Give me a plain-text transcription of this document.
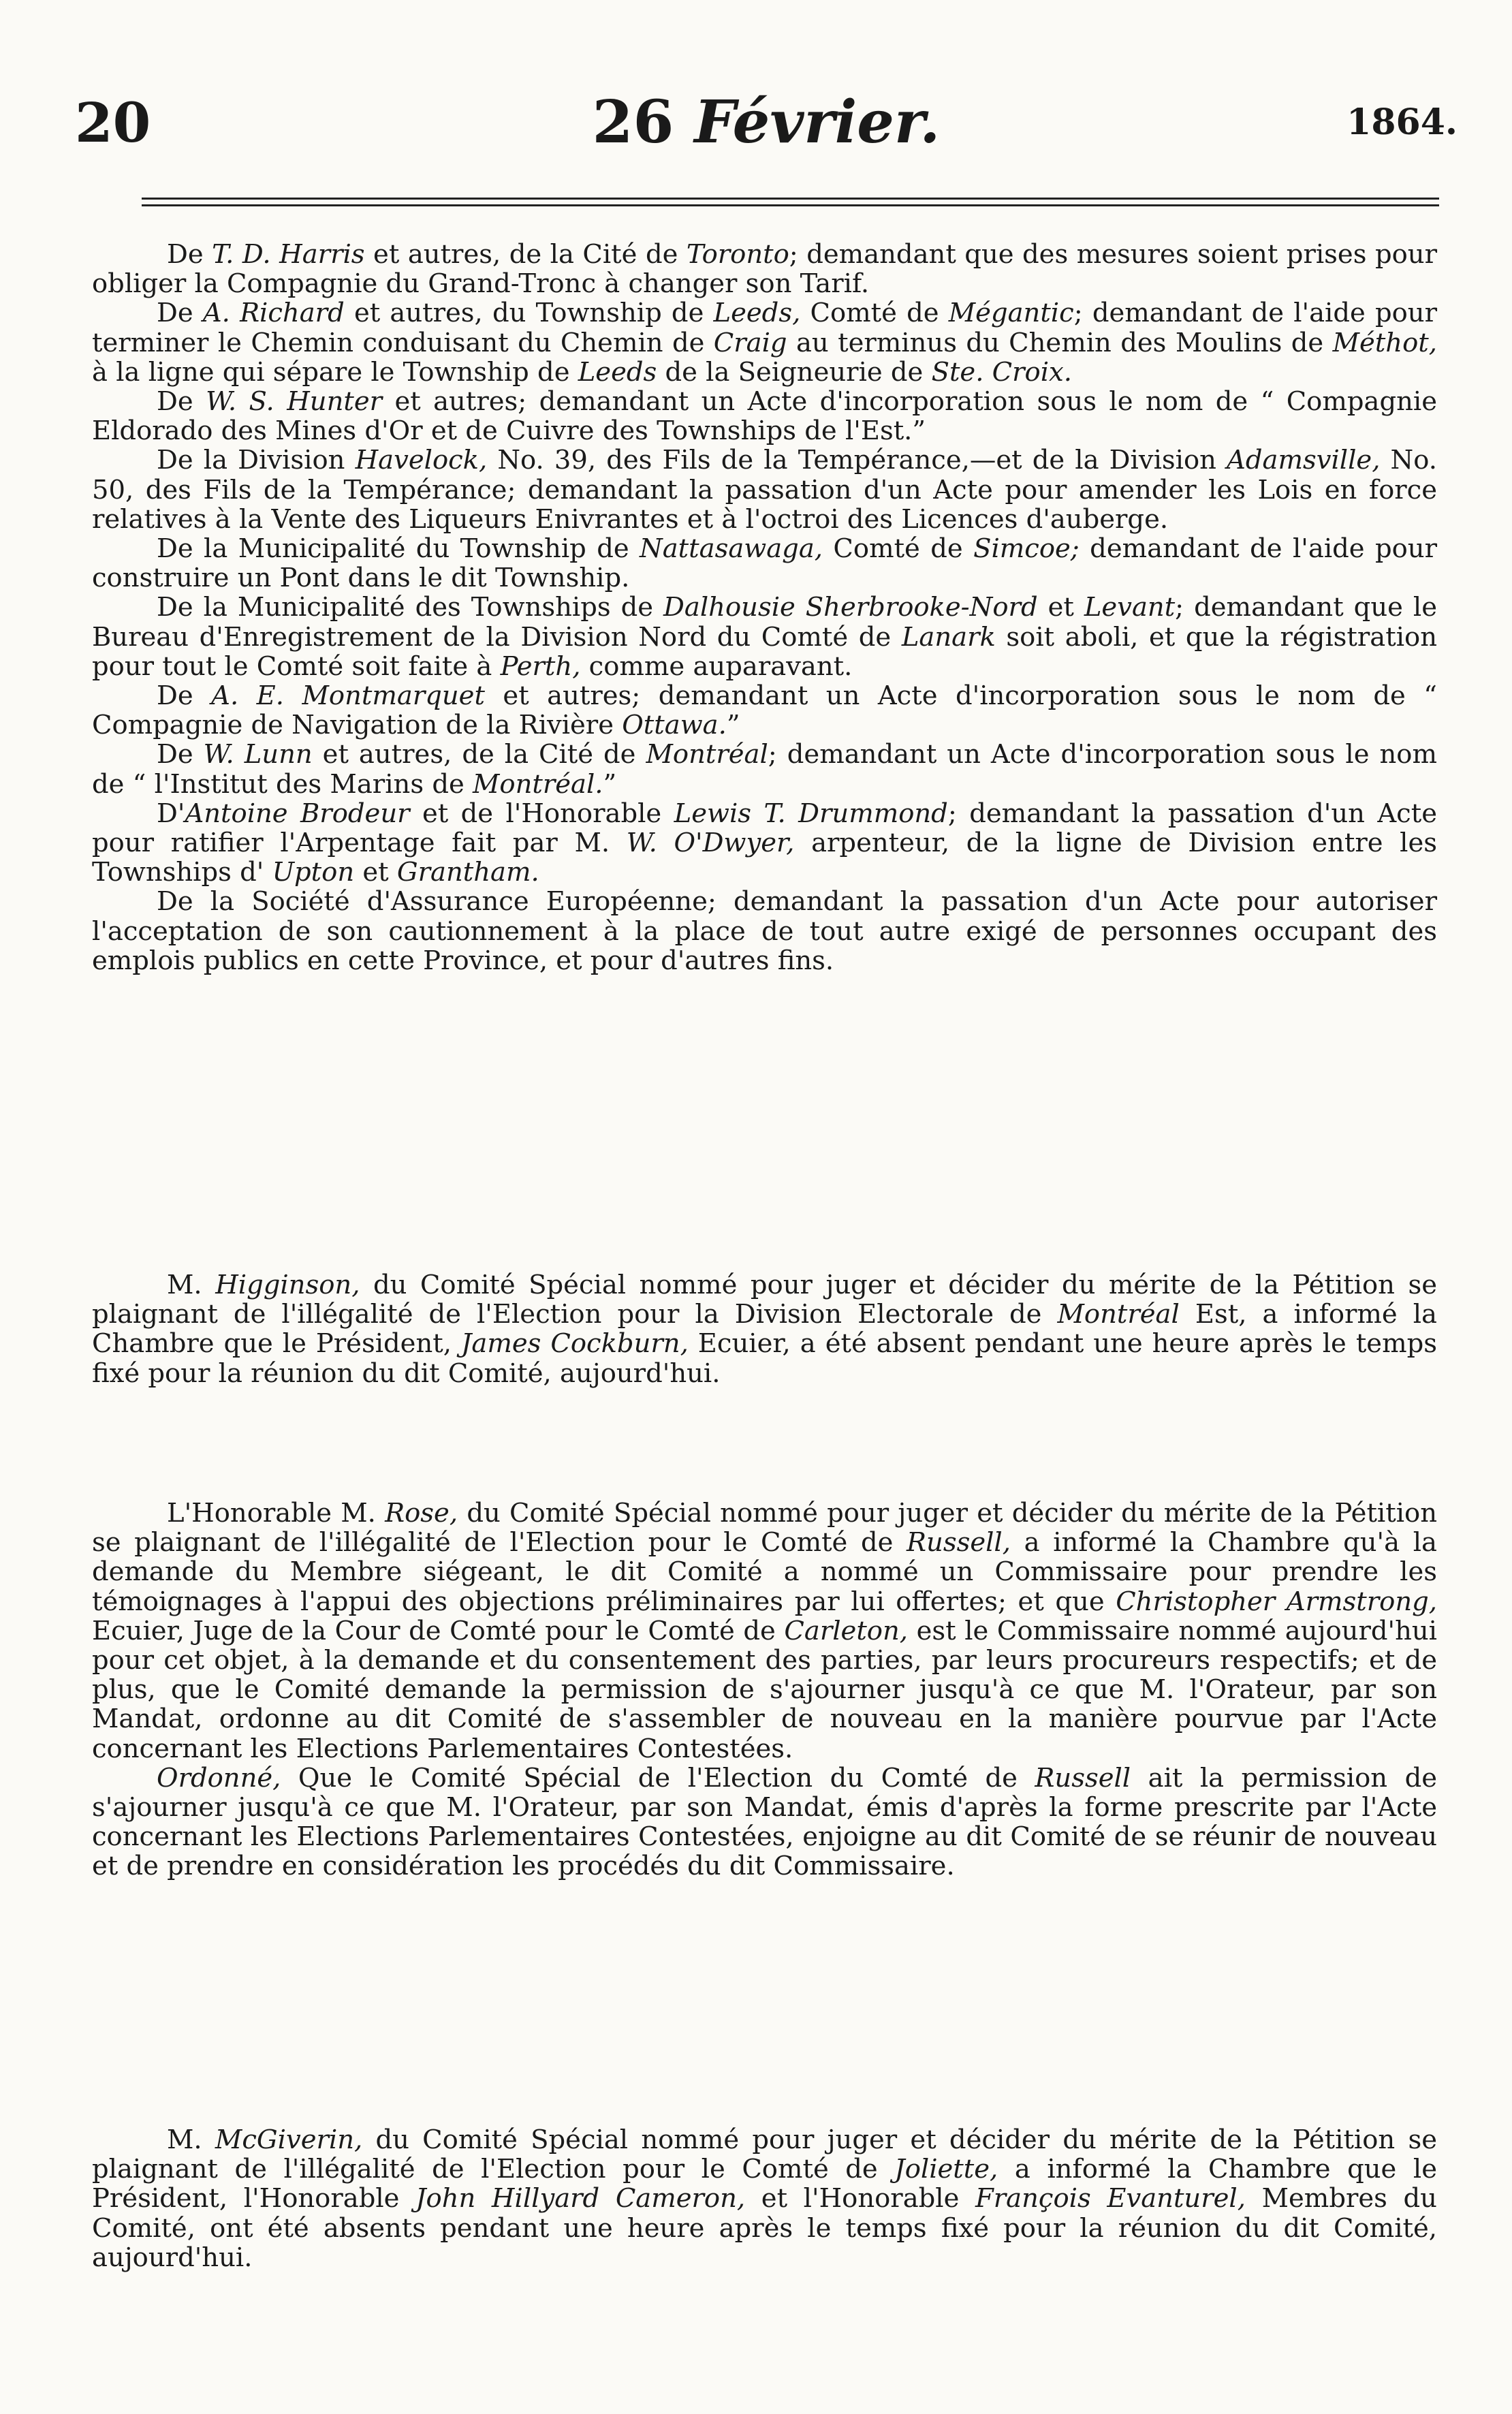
20	26 Février.	1864.

De T. D. Harris et autres, de la Cité de Toronto; demandant que des mesures soient prises pour obliger la Compagnie du Grand-Tronc à changer son Tarif.

De A. Richard et autres, du Township de Leeds, Comté de Mégantic; demandant de l'aide pour terminer le Chemin conduisant du Chemin de Craig au terminus du Chemin des Moulins de Méthot, à la ligne qui sépare le Township de Leeds de la Seigneurie de Ste. Croix.

De W. S. Hunter et autres; demandant un Acte d'incorporation sous le nom de “ Compagnie Eldorado des Mines d'Or et de Cuivre des Townships de l'Est.”

De la Division Havelock, No. 39, des Fils de la Tempérance,—et de la Division Adamsville, No. 50, des Fils de la Tempérance; demandant la passation d'un Acte pour amender les Lois en force relatives à la Vente des Liqueurs Enivrantes et à l'octroi des Licences d'auberge.

De la Municipalité du Township de Nattasawaga, Comté de Simcoe; demandant de l'aide pour construire un Pont dans le dit Township.

De la Municipalité des Townships de Dalhousie Sherbrooke-Nord et Levant; demandant que le Bureau d'Enregistrement de la Division Nord du Comté de Lanark soit aboli, et que la régistration pour tout le Comté soit faite à Perth, comme auparavant.

De A. E. Montmarquet et autres; demandant un Acte d'incorporation sous le nom de “ Compagnie de Navigation de la Rivière Ottawa.”

De W. Lunn et autres, de la Cité de Montréal; demandant un Acte d'incorporation sous le nom de “ l'Institut des Marins de Montréal.”

D'Antoine Brodeur et de l'Honorable Lewis T. Drummond; demandant la passation d'un Acte pour ratifier l'Arpentage fait par M. W. O'Dwyer, arpenteur, de la ligne de Division entre les Townships d' Upton et Grantham.

De la Société d'Assurance Européenne; demandant la passation d'un Acte pour autoriser l'acceptation de son cautionnement à la place de tout autre exigé de personnes occupant des emplois publics en cette Province, et pour d'autres fins.

M. Higginson, du Comité Spécial nommé pour juger et décider du mérite de la Pétition se plaignant de l'illégalité de l'Election pour la Division Electorale de Montréal Est, a informé la Chambre que le Président, James Cockburn, Ecuier, a été absent pendant une heure après le temps fixé pour la réunion du dit Comité, aujourd'hui.

L'Honorable M. Rose, du Comité Spécial nommé pour juger et décider du mérite de la Pétition se plaignant de l'illégalité de l'Election pour le Comté de Russell, a informé la Chambre qu'à la demande du Membre siégeant, le dit Comité a nommé un Commissaire pour prendre les témoignages à l'appui des objections préliminaires par lui offertes; et que Christopher Armstrong, Ecuier, Juge de la Cour de Comté pour le Comté de Carleton, est le Commissaire nommé aujourd'hui pour cet objet, à la demande et du consentement des parties, par leurs procureurs respectifs; et de plus, que le Comité demande la permission de s'ajourner jusqu'à ce que M. l'Orateur, par son Mandat, ordonne au dit Comité de s'assembler de nouveau en la manière pourvue par l'Acte concernant les Elections Parlementaires Contestées.

Ordonné, Que le Comité Spécial de l'Election du Comté de Russell ait la permission de s'ajourner jusqu'à ce que M. l'Orateur, par son Mandat, émis d'après la forme prescrite par l'Acte concernant les Elections Parlementaires Contestées, enjoigne au dit Comité de se réunir de nouveau et de prendre en considération les procédés du dit Commissaire.

M. McGiverin, du Comité Spécial nommé pour juger et décider du mérite de la Pétition se plaignant de l'illégalité de l'Election pour le Comté de Joliette, a informé la Chambre que le Président, l'Honorable John Hillyard Cameron, et l'Honorable François Evanturel, Membres du Comité, ont été absents pendant une heure après le temps fixé pour la réunion du dit Comité, aujourd'hui.
